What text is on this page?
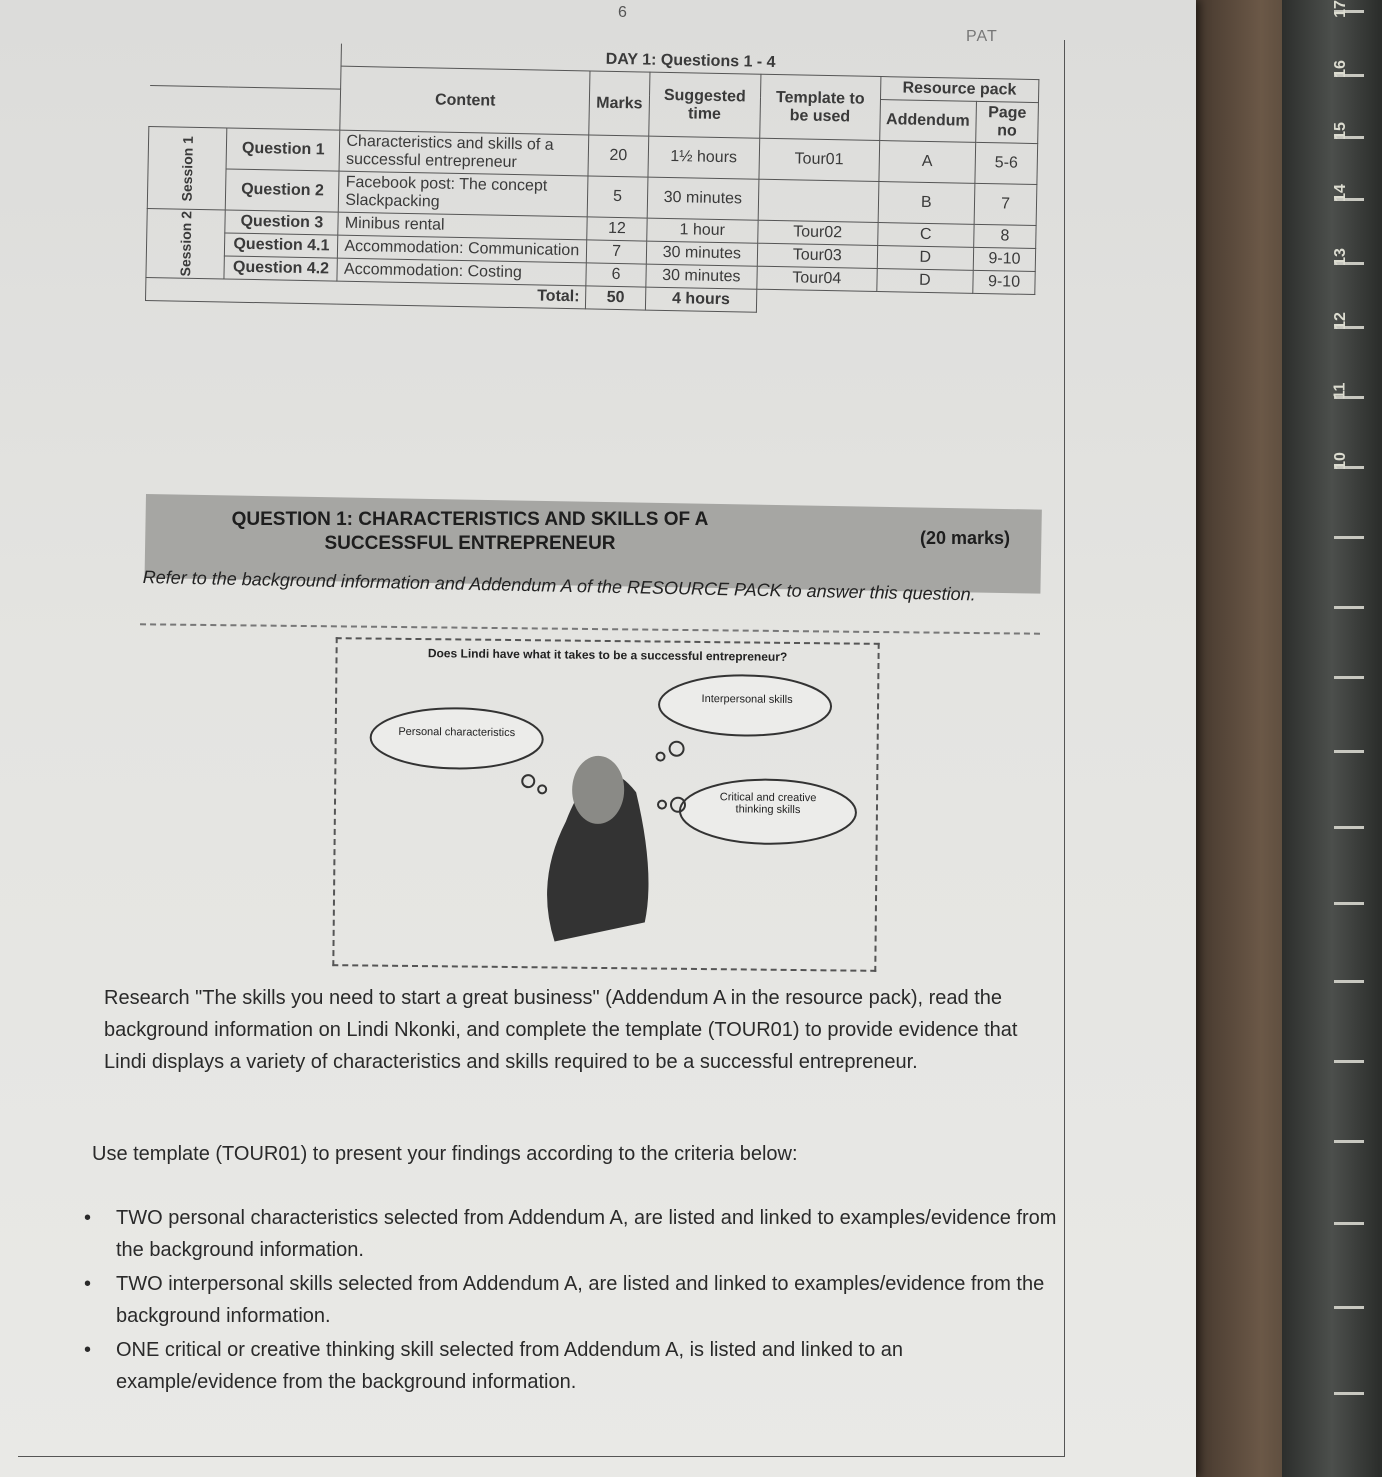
17
16
15
14
13
12
11
10
6
PAT
		DAY 1: Questions 1 - 4					
		Content	Marks	Suggested time	Template to be used	Resource pack	
						Addendum	Page no

Session 1	Question 1	Characteristics and skills of a successful entrepreneur	20	1½ hours	Tour01	A	5-6
	Question 2	Facebook post: The concept Slackpacking	5	30 minutes		B	7

Session 2	Question 3	Minibus rental	12	1 hour	Tour02	C	8
	Question 4.1	Accommodation: Communication	7	30 minutes	Tour03	D	9-10
	Question 4.2	Accommodation: Costing	6	30 minutes	Tour04	D	9-10
Total:			50	4 hours			
QUESTION 1: CHARACTERISTICS AND SKILLS OF A
SUCCESSFUL ENTREPRENEUR	(20 marks)
Refer to the background information and Addendum A of the RESOURCE PACK to answer this question.
Does Lindi have what it takes to be a successful entrepreneur?
Personal characteristics
Interpersonal skills
Critical and creative thinking skills
Research "The skills you need to start a great business" (Addendum A in the resource pack), read the background information on Lindi Nkonki, and complete the template (TOUR01) to provide evidence that Lindi displays a variety of characteristics and skills required to be a successful entrepreneur.
Use template (TOUR01) to present your findings according to the criteria below:
• TWO personal characteristics selected from Addendum A, are listed and linked to examples/evidence from the background information.
• TWO interpersonal skills selected from Addendum A, are listed and linked to examples/evidence from the background information.
• ONE critical or creative thinking skill selected from Addendum A, is listed and linked to an example/evidence from the background information.
